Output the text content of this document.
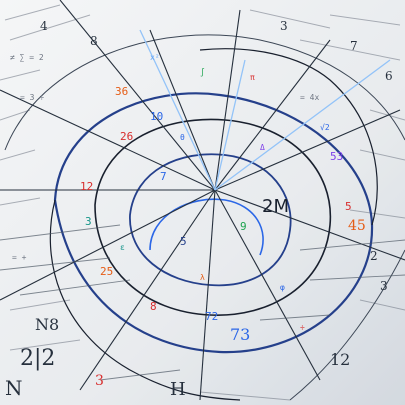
36
10
26
12
3
25
8
72
53
5
5
9
7
2M
2|2
N8
3
73
12
N	H
45
2
3
4
8
3
7
6
≠ ∑ = 2
= 3 ÷	= 4x
√2
= +
÷
x²
∫
π
θ
Δ
ε
λ
φ
